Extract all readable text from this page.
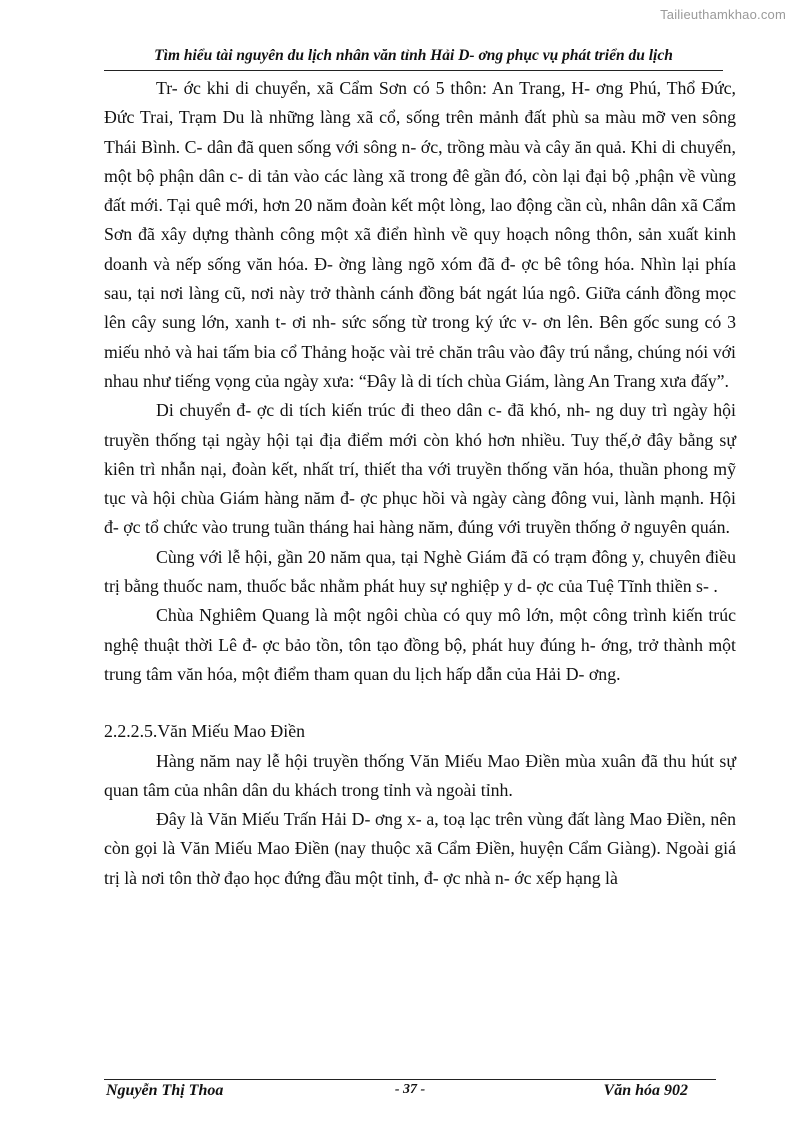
Tailieuthamkhao.com
Tìm hiểu tài nguyên du lịch nhân văn tỉnh Hải D- ơng phục vụ phát triển du lịch

Tr- ớc khi di chuyển, xã Cẩm Sơn có 5 thôn: An Trang, H- ơng Phú, Thổ Đức, Đức Trai, Trạm Du là những làng xã cổ, sống trên mảnh đất phù sa màu mỡ ven sông Thái Bình. C- dân đã quen sống với sông n- ớc, trồng màu và cây ăn quả. Khi di chuyển, một bộ phận dân c- di tản vào các làng xã trong đê gần đó, còn lại đại bộ ,phận về vùng đất mới. Tại quê mới, hơn 20 năm đoàn kết một lòng, lao động cần cù, nhân dân xã Cẩm Sơn đã xây dựng thành công một xã điển hình về quy hoạch nông thôn, sản xuất kinh doanh và nếp sống văn hóa. Đ- ờng làng ngõ xóm đã đ- ợc bê tông hóa. Nhìn lại phía sau, tại nơi làng cũ, nơi này trở thành cánh đồng bát ngát lúa ngô. Giữa cánh đồng mọc lên cây sung lớn, xanh t- ơi nh- sức sống từ trong ký ức v- ơn lên. Bên gốc sung có 3 miếu nhỏ và hai tấm bia cổ Thảng hoặc vài trẻ chăn trâu vào đây trú nắng, chúng nói với nhau như tiếng vọng của ngày xưa: “Đây là di tích chùa Giám, làng An Trang xưa đấy”.

Di chuyển đ- ợc di tích kiến trúc đi theo dân c- đã khó, nh- ng duy trì ngày hội truyền thống tại ngày hội tại địa điểm mới còn khó hơn nhiều. Tuy thế,ở đây bằng sự kiên trì nhẫn nại, đoàn kết, nhất trí, thiết tha với truyền thống văn hóa, thuần phong mỹ tục và hội chùa Giám hàng năm đ- ợc phục hồi và ngày càng đông vui, lành mạnh. Hội đ- ợc tổ chức vào trung tuần tháng hai hàng năm, đúng với truyền thống ở nguyên quán.

Cùng với lễ hội, gần 20 năm qua, tại Nghè Giám đã có trạm đông y, chuyên điều trị bằng thuốc nam, thuốc bắc nhằm phát huy sự nghiệp y d- ợc của Tuệ Tĩnh thiền s- .

Chùa Nghiêm Quang là một ngôi chùa có quy mô lớn, một công trình kiến trúc nghệ thuật thời Lê đ- ợc bảo tồn, tôn tạo đồng bộ, phát huy đúng h- ớng, trở thành một trung tâm văn hóa, một điểm tham quan du lịch hấp dẫn của Hải D- ơng.

2.2.2.5.Văn Miếu Mao Điền

Hàng năm nay lễ hội truyền thống Văn Miếu Mao Điền mùa xuân đã thu hút sự quan tâm của nhân dân du khách trong tỉnh và ngoài tỉnh.

Đây là Văn Miếu Trấn Hải D- ơng x- a, toạ lạc trên vùng đất làng Mao Điền, nên còn gọi là Văn Miếu Mao Điền (nay thuộc xã Cẩm Điền, huyện Cẩm Giàng). Ngoài giá trị là nơi tôn thờ đạo học đứng đầu một tỉnh, đ- ợc nhà n- ớc xếp hạng là

Nguyễn Thị Thoa	- 37 -	Văn hóa 902
